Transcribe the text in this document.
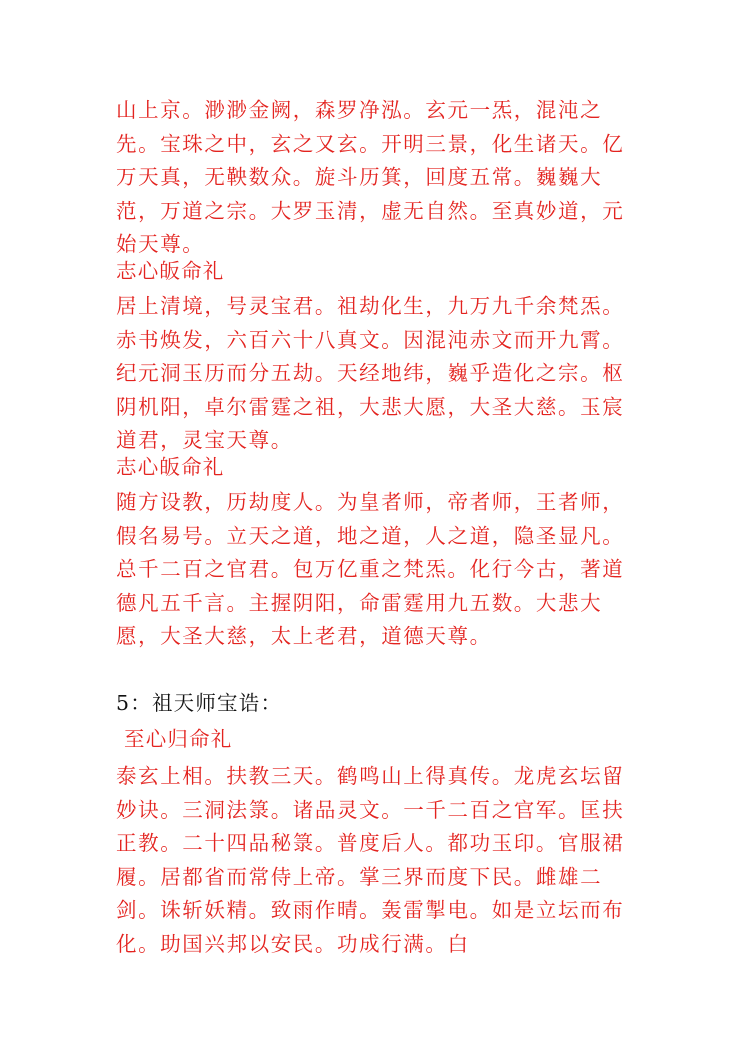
山上京。渺渺金阙，森罗净泓。玄元一炁，混沌之先。宝珠之中，玄之又玄。开明三景，化生诸天。亿万天真，无鞅数众。旋斗历箕，回度五常。巍巍大范，万道之宗。大罗玉清，虚无自然。至真妙道，元始天尊。

志心皈命礼

居上清境，号灵宝君。祖劫化生，九万九千余梵炁。赤书焕发，六百六十八真文。因混沌赤文而开九霄。纪元洞玉历而分五劫。天经地纬，巍乎造化之宗。枢阴机阳，卓尔雷霆之祖，大悲大愿，大圣大慈。玉宸道君，灵宝天尊。

志心皈命礼

随方设教，历劫度人。为皇者师，帝者师，王者师，假名易号。立天之道，地之道，人之道，隐圣显凡。总千二百之官君。包万亿重之梵炁。化行今古，著道德凡五千言。主握阴阳，命雷霆用九五数。大悲大愿，大圣大慈，太上老君，道德天尊。

5：祖天师宝诰：

至心归命礼

泰玄上相。扶教三天。鹤鸣山上得真传。龙虎玄坛留妙诀。三洞法箓。诸品灵文。一千二百之官军。匡扶正教。二十四品秘箓。普度后人。都功玉印。官服裙履。居都省而常侍上帝。掌三界而度下民。雌雄二剑。诛斩妖精。致雨作晴。轰雷掣电。如是立坛而布化。助国兴邦以安民。功成行满。白
